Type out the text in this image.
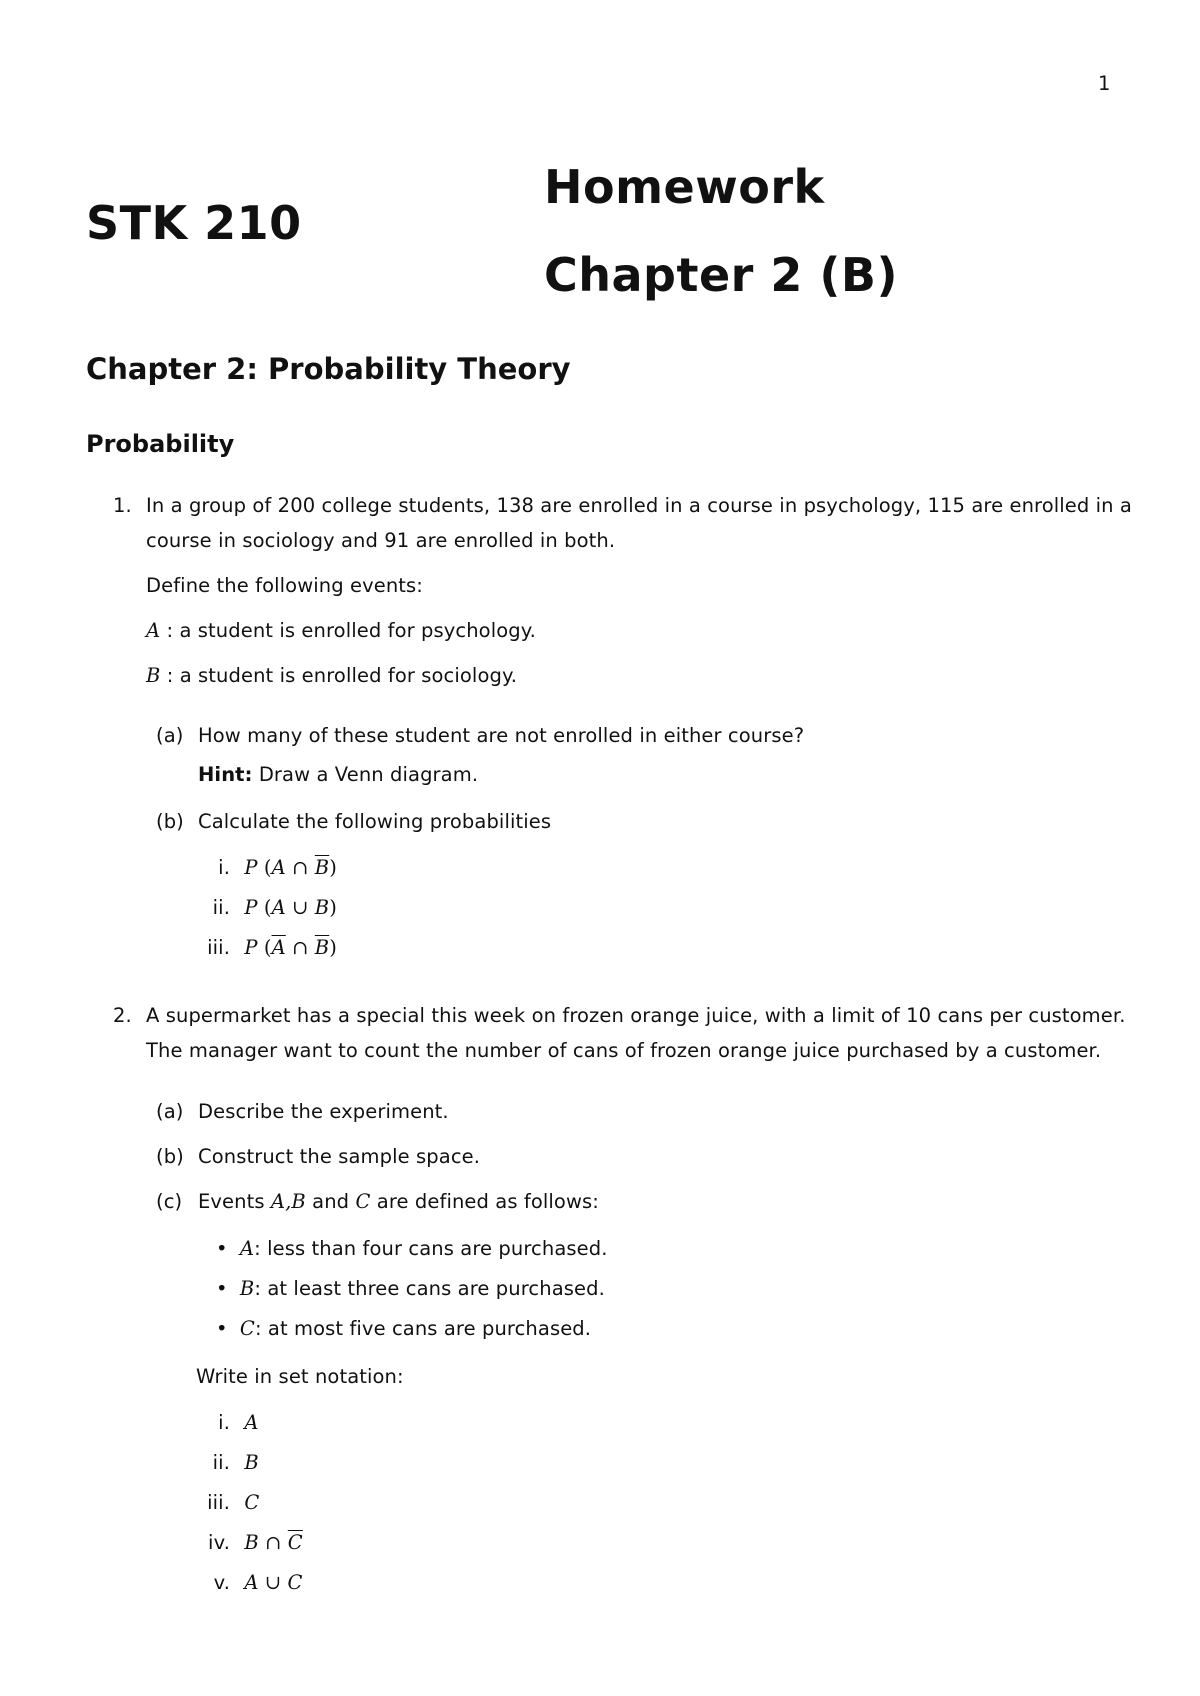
1
STK 210
Homework
Chapter 2 (B)
Chapter 2: Probability Theory
Probability
1. In a group of 200 college students, 138 are enrolled in a course in psychology, 115 are enrolled in a
course in sociology and 91 are enrolled in both.
Define the following events:
A : a student is enrolled for psychology.
B : a student is enrolled for sociology.
(a) How many of these student are not enrolled in either course?
Hint: Draw a Venn diagram.
(b) Calculate the following probabilities
i. P (A ∩ $\overline{B}$)
ii. P (A ∪ B)
iii. P ($\overline{A}$ ∩ $\overline{B}$)
2. A supermarket has a special this week on frozen orange juice, with a limit of 10 cans per customer.
The manager want to count the number of cans of frozen orange juice purchased by a customer.
(a) Describe the experiment.
(b) Construct the sample space.
(c) Events A,B and C are defined as follows:
• A: less than four cans are purchased.
• B: at least three cans are purchased.
• C: at most five cans are purchased.
Write in set notation:
i. A
ii. B
iii. C
iv. B ∩ $\overline{C}$
v. A ∪ C
